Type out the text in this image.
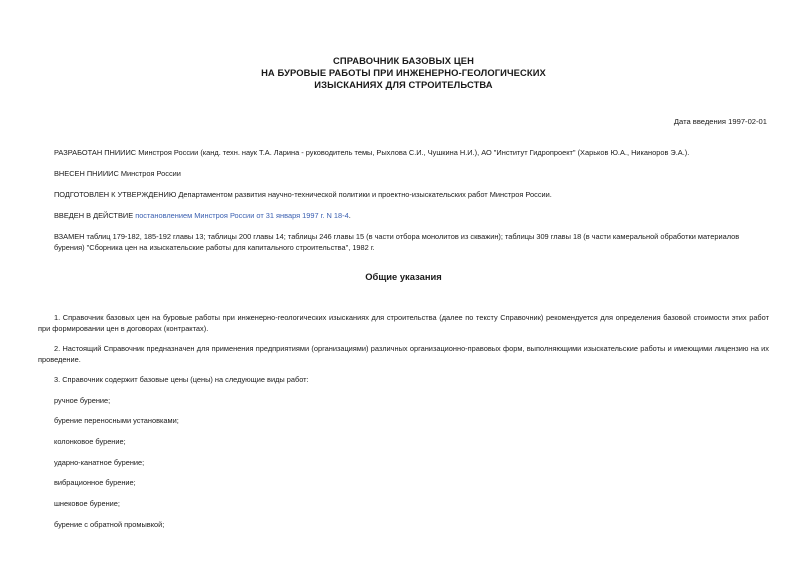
СПРАВОЧНИК БАЗОВЫХ ЦЕН
НА БУРОВЫЕ РАБОТЫ ПРИ ИНЖЕНЕРНО-ГЕОЛОГИЧЕСКИХ
ИЗЫСКАНИЯХ ДЛЯ СТРОИТЕЛЬСТВА
Дата введения 1997-02-01
РАЗРАБОТАН ПНИИИС Минстроя России (канд. техн. наук Т.А. Ларина - руководитель темы, Рыхлова С.И., Чушкина Н.И.), АО "Институт Гидропроект" (Харьков Ю.А., Никаноров Э.А.).
ВНЕСЕН ПНИИИС Минстроя России
ПОДГОТОВЛЕН К УТВЕРЖДЕНИЮ Департаментом развития научно-технической политики и проектно-изыскательских работ Минстроя России.
ВВЕДЕН В ДЕЙСТВИЕ постановлением Минстроя России от 31 января 1997 г. N 18-4.
ВЗАМЕН таблиц 179-182, 185-192 главы 13; таблицы 200 главы 14; таблицы 246 главы 15 (в части отбора монолитов из скважин); таблицы 309 главы 18 (в части камеральной обработки материалов бурения) "Сборника цен на изыскательские работы для капитального строительства", 1982 г.
Общие указания
1. Справочник базовых цен на буровые работы при инженерно-геологических изысканиях для строительства (далее по тексту Справочник) рекомендуется для определения базовой стоимости этих работ при формировании цен в договорах (контрактах).
2. Настоящий Справочник предназначен для применения предприятиями (организациями) различных организационно-правовых форм, выполняющими изыскательские работы и имеющими лицензию на их проведение.
3. Справочник содержит базовые цены (цены) на следующие виды работ:
ручное бурение;
бурение переносными установками;
колонковое бурение;
ударно-канатное бурение;
вибрационное бурение;
шнековое бурение;
бурение с обратной промывкой;
